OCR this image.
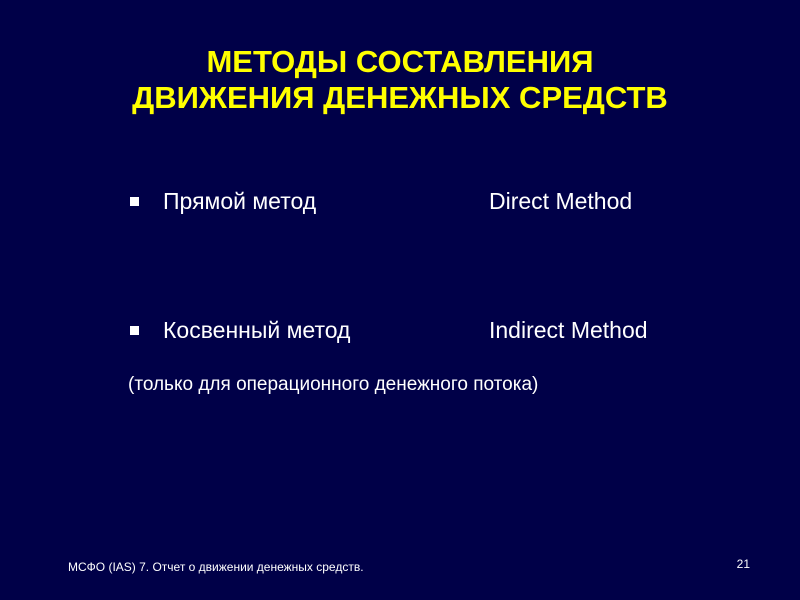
МЕТОДЫ СОСТАВЛЕНИЯ
ДВИЖЕНИЯ ДЕНЕЖНЫХ СРЕДСТВ
Прямой метод	Direct Method
Косвенный метод	Indirect Method
(только для операционного денежного потока)
МСФО (IAS) 7. Отчет о движении денежных средств.	21
